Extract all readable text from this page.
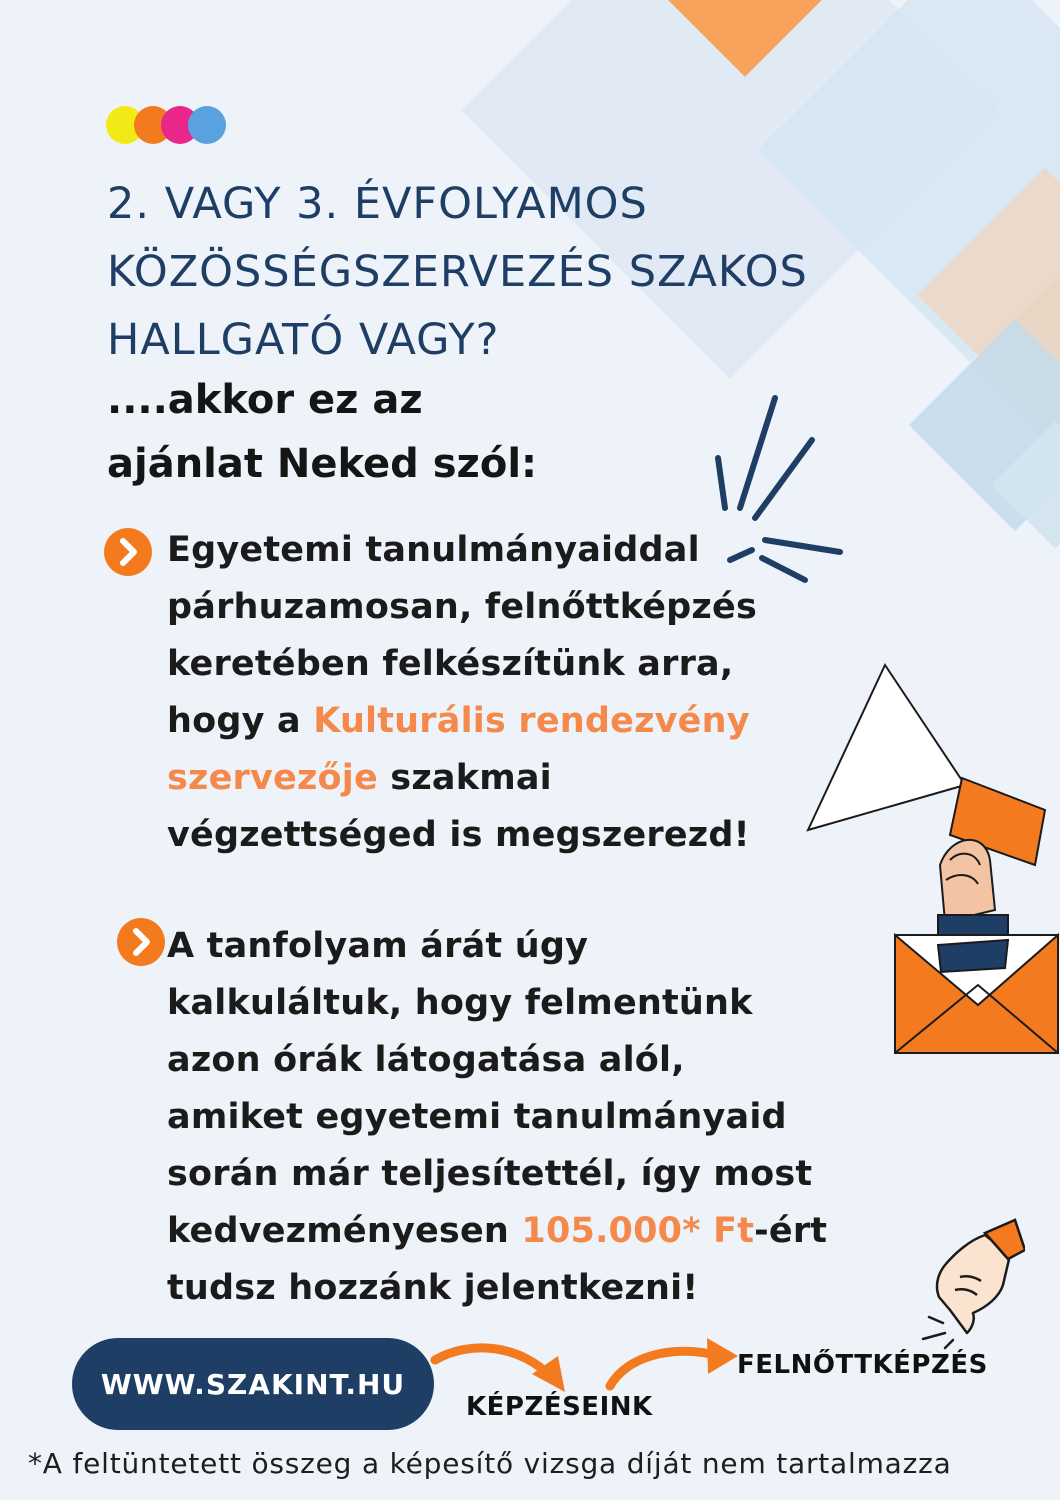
2. VAGY 3. ÉVFOLYAMOS
KÖZÖSSÉGSZERVEZÉS SZAKOS
HALLGATÓ VAGY?
....akkor ez az
ajánlat Neked szól:
Egyetemi tanulmányaiddal
párhuzamosan, felnőttképzés
keretében felkészítünk arra,
hogy a Kulturális rendezvény
szervezője szakmai
végzettséged is megszerezd!
A tanfolyam árát úgy
kalkuláltuk, hogy felmentünk
azon órák látogatása alól,
amiket egyetemi tanulmányaid
során már teljesítettél, így most
kedvezményesen 105.000* Ft-ért
tudsz hozzánk jelentkezni!
WWW.SZAKINT.HU
KÉPZÉSEINK
FELNŐTTKÉPZÉS
*A feltüntetett összeg a képesítő vizsga díját nem tartalmazza
